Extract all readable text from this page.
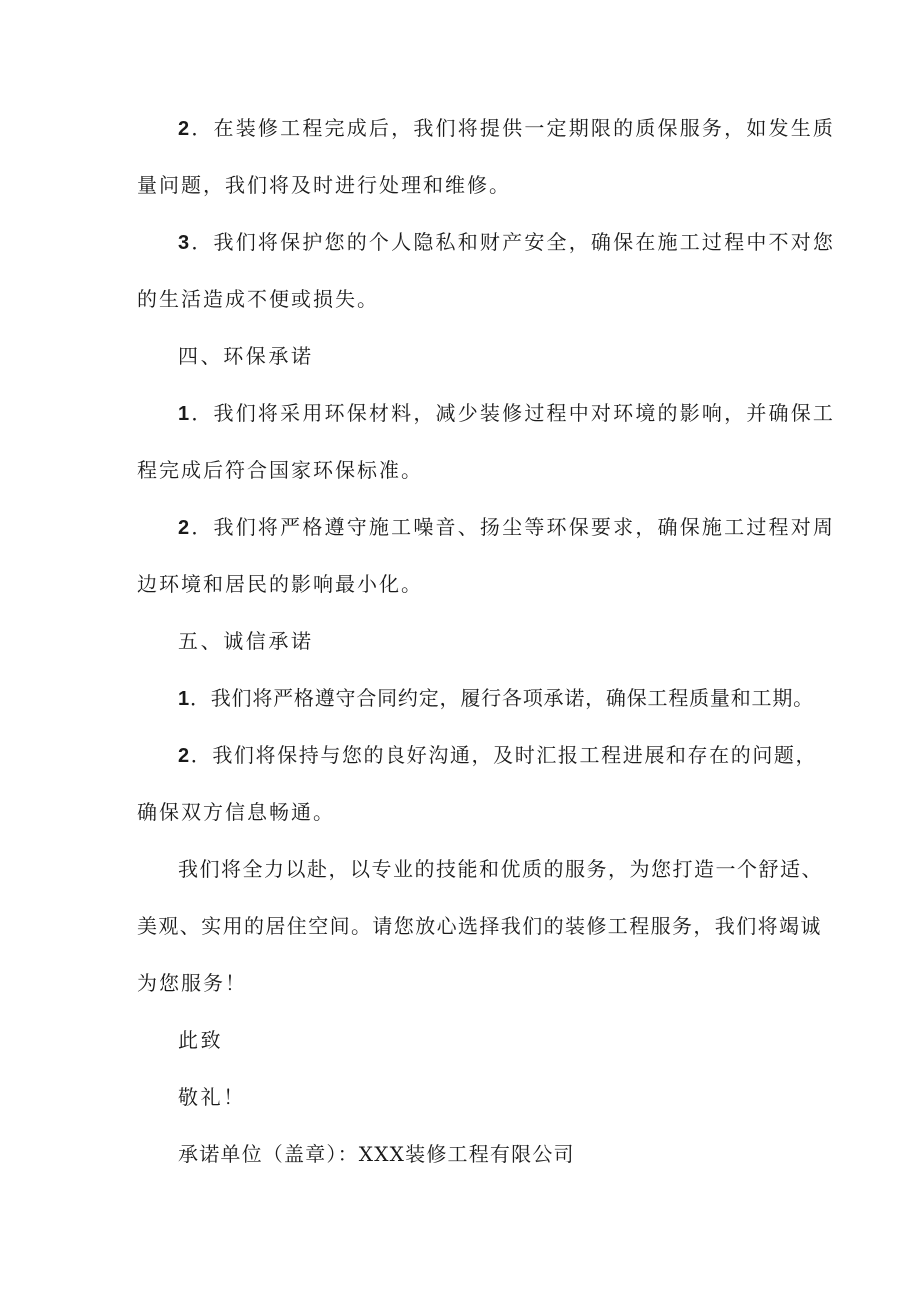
2．在装修工程完成后，我们将提供一定期限的质保服务，如发生质
量问题，我们将及时进行处理和维修。
3．我们将保护您的个人隐私和财产安全，确保在施工过程中不对您
的生活造成不便或损失。
四、环保承诺
1．我们将采用环保材料，减少装修过程中对环境的影响，并确保工
程完成后符合国家环保标准。
2．我们将严格遵守施工噪音、扬尘等环保要求，确保施工过程对周
边环境和居民的影响最小化。
五、诚信承诺
1．我们将严格遵守合同约定，履行各项承诺，确保工程质量和工期。
2．我们将保持与您的良好沟通，及时汇报工程进展和存在的问题，
确保双方信息畅通。
我们将全力以赴，以专业的技能和优质的服务，为您打造一个舒适、
美观、实用的居住空间。请您放心选择我们的装修工程服务，我们将竭诚
为您服务！
此致
敬礼！
承诺单位（盖章）：XXX装修工程有限公司
